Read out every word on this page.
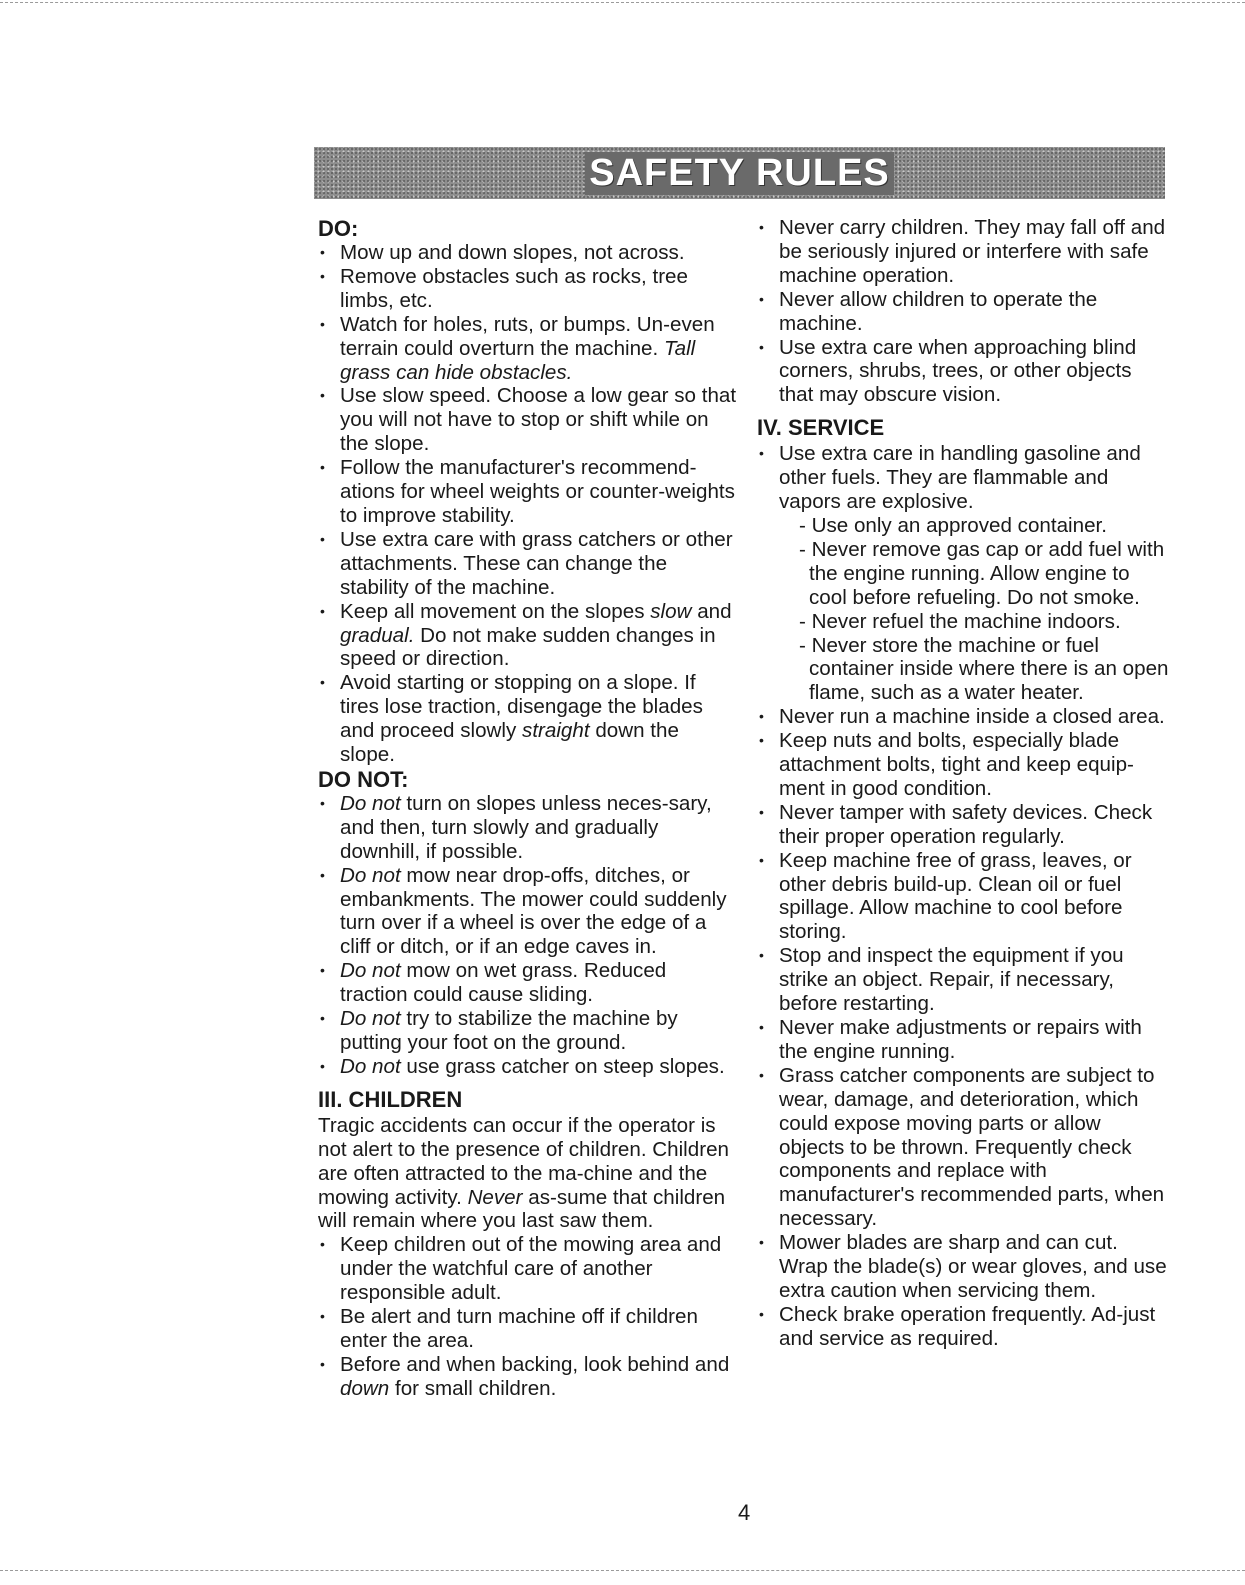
SAFETY RULES

DO:

• Mow up and down slopes, not across.
• Remove obstacles such as rocks, tree limbs, etc.
• Watch for holes, ruts, or bumps. Un-even terrain could overturn the machine. Tall grass can hide obstacles.
• Use slow speed. Choose a low gear so that you will not have to stop or shift while on the slope.
• Follow the manufacturer's recommend-ations for wheel weights or counter-weights to improve stability.
• Use extra care with grass catchers or other attachments. These can change the stability of the machine.
• Keep all movement on the slopes slow and gradual. Do not make sudden changes in speed or direction.
• Avoid starting or stopping on a slope. If tires lose traction, disengage the blades and proceed slowly straight down the slope.

DO NOT:

• Do not turn on slopes unless neces-sary, and then, turn slowly and gradually downhill, if possible.
• Do not mow near drop-offs, ditches, or embankments. The mower could suddenly turn over if a wheel is over the edge of a cliff or ditch, or if an edge caves in.
• Do not mow on wet grass. Reduced traction could cause sliding.
• Do not try to stabilize the machine by putting your foot on the ground.
• Do not use grass catcher on steep slopes.

III. CHILDREN

Tragic accidents can occur if the operator is not alert to the presence of children. Children are often attracted to the ma-chine and the mowing activity. Never as-sume that children will remain where you last saw them.

• Keep children out of the mowing area and under the watchful care of another responsible adult.
• Be alert and turn machine off if children enter the area.
• Before and when backing, look behind and down for small children.
• Never carry children. They may fall off and be seriously injured or interfere with safe machine operation.
• Never allow children to operate the machine.
• Use extra care when approaching blind corners, shrubs, trees, or other objects that may obscure vision.

IV. SERVICE

• Use extra care in handling gasoline and other fuels. They are flammable and vapors are explosive.
- Use only an approved container.
- Never remove gas cap or add fuel with the engine running. Allow engine to cool before refueling. Do not smoke.
- Never refuel the machine indoors.
- Never store the machine or fuel container inside where there is an open flame, such as a water heater.
• Never run a machine inside a closed area.
• Keep nuts and bolts, especially blade attachment bolts, tight and keep equip-ment in good condition.
• Never tamper with safety devices. Check their proper operation regularly.
• Keep machine free of grass, leaves, or other debris build-up. Clean oil or fuel spillage. Allow machine to cool before storing.
• Stop and inspect the equipment if you strike an object. Repair, if necessary, before restarting.
• Never make adjustments or repairs with the engine running.
• Grass catcher components are subject to wear, damage, and deterioration, which could expose moving parts or allow objects to be thrown. Frequently check components and replace with manufacturer's recommended parts, when necessary.
• Mower blades are sharp and can cut. Wrap the blade(s) or wear gloves, and use extra caution when servicing them.
• Check brake operation frequently. Ad-just and service as required.
4
